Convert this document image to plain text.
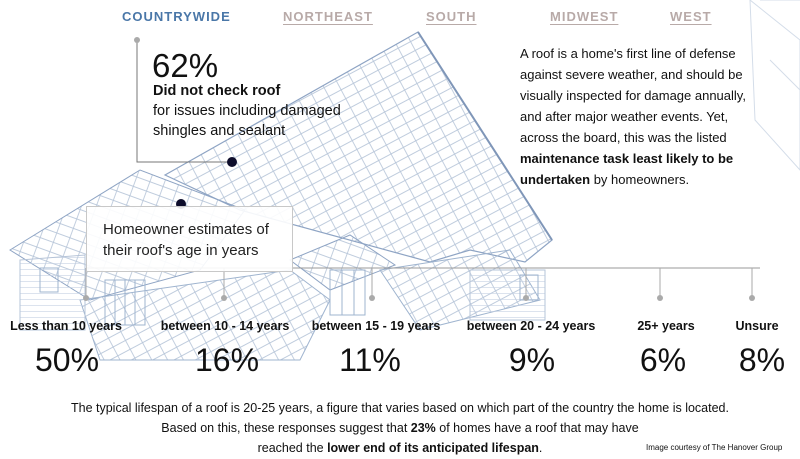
COUNTRYWIDE	NORTHEAST	SOUTH	MIDWEST	WEST
62%
Did not check roof
for issues including damaged shingles and sealant
Homeowner estimates of their roof's age in years

A roof is a home's first line of defense against severe weather, and should be visually inspected for damage annually, and after major weather events. Yet, across the board, this was the listed maintenance task least likely to be undertaken by homeowners.

Less than 10 years
50%
between 10 - 14 years
16%
between 15 - 19 years
11%
between 20 - 24 years
9%
25+ years
6%
Unsure
8%
The typical lifespan of a roof is 20-25 years, a figure that varies based on which part of the country the home is located.
Based on this, these responses suggest that 23% of homes have a roof that may have
reached the lower end of its anticipated lifespan.	Image courtesy of The Hanover Group
